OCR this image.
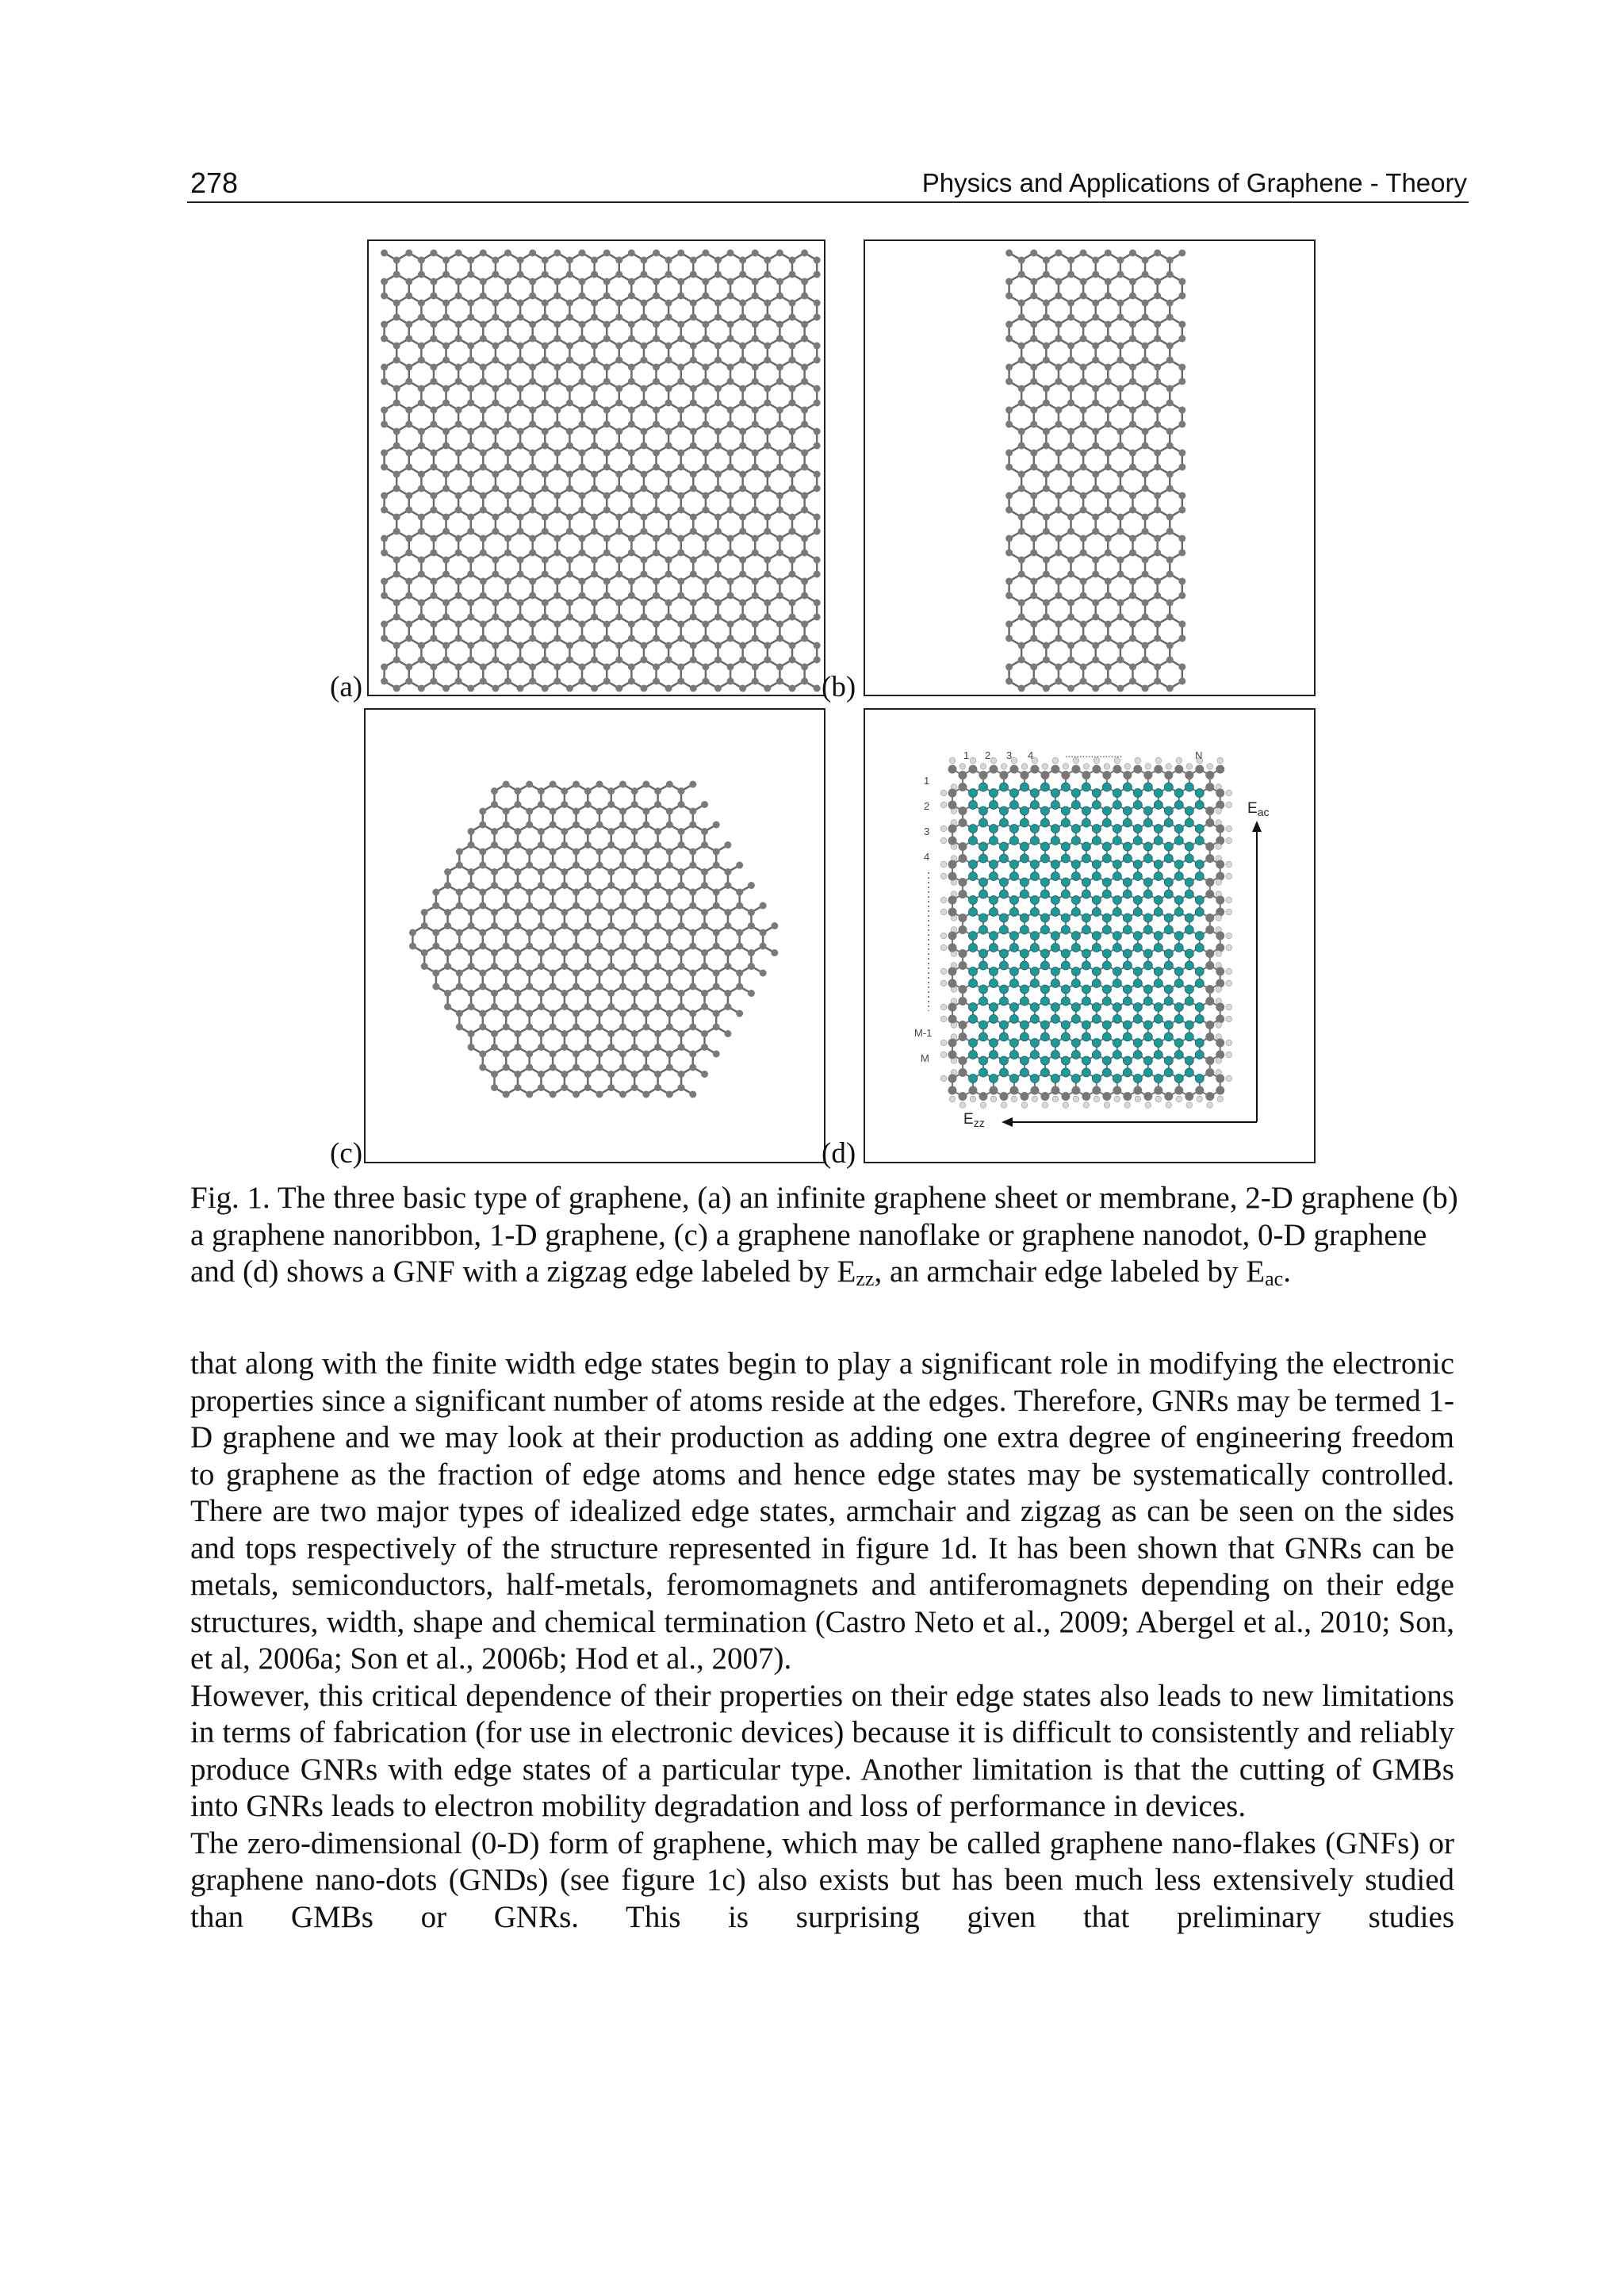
278	Physics and Applications of Graphene - Theory
(a)	(b)
(c)
1 2 3 4	....................	N
1
2
3
4
M-1
M
$E_{ac}$
$E_{zz}$
(d)
Fig. 1. The three basic type of graphene, (a) an infinite graphene sheet or membrane, 2-D graphene (b) a graphene nanoribbon, 1-D graphene, (c) a graphene nanoflake or graphene nanodot, 0-D graphene and (d) shows a GNF with a zigzag edge labeled by $E_{zz}$, an armchair edge labeled by $E_{ac}$.

that along with the finite width edge states begin to play a significant role in modifying the electronic properties since a significant number of atoms reside at the edges. Therefore, GNRs may be termed 1-D graphene and we may look at their production as adding one extra degree of engineering freedom to graphene as the fraction of edge atoms and hence edge states may be systematically controlled. There are two major types of idealized edge states, armchair and zigzag as can be seen on the sides and tops respectively of the structure represented in figure 1d. It has been shown that GNRs can be metals, semiconductors, half-metals, feromomagnets and antiferomagnets depending on their edge structures, width, shape and chemical termination (Castro Neto et al., 2009; Abergel et al., 2010; Son, et al, 2006a; Son et al., 2006b; Hod et al., 2007).

However, this critical dependence of their properties on their edge states also leads to new limitations in terms of fabrication (for use in electronic devices) because it is difficult to consistently and reliably produce GNRs with edge states of a particular type. Another limitation is that the cutting of GMBs into GNRs leads to electron mobility degradation and loss of performance in devices.

The zero-dimensional (0-D) form of graphene, which may be called graphene nano-flakes (GNFs) or graphene nano-dots (GNDs) (see figure 1c) also exists but has been much less extensively studied than GMBs or GNRs. This is surprising given that preliminary studies
